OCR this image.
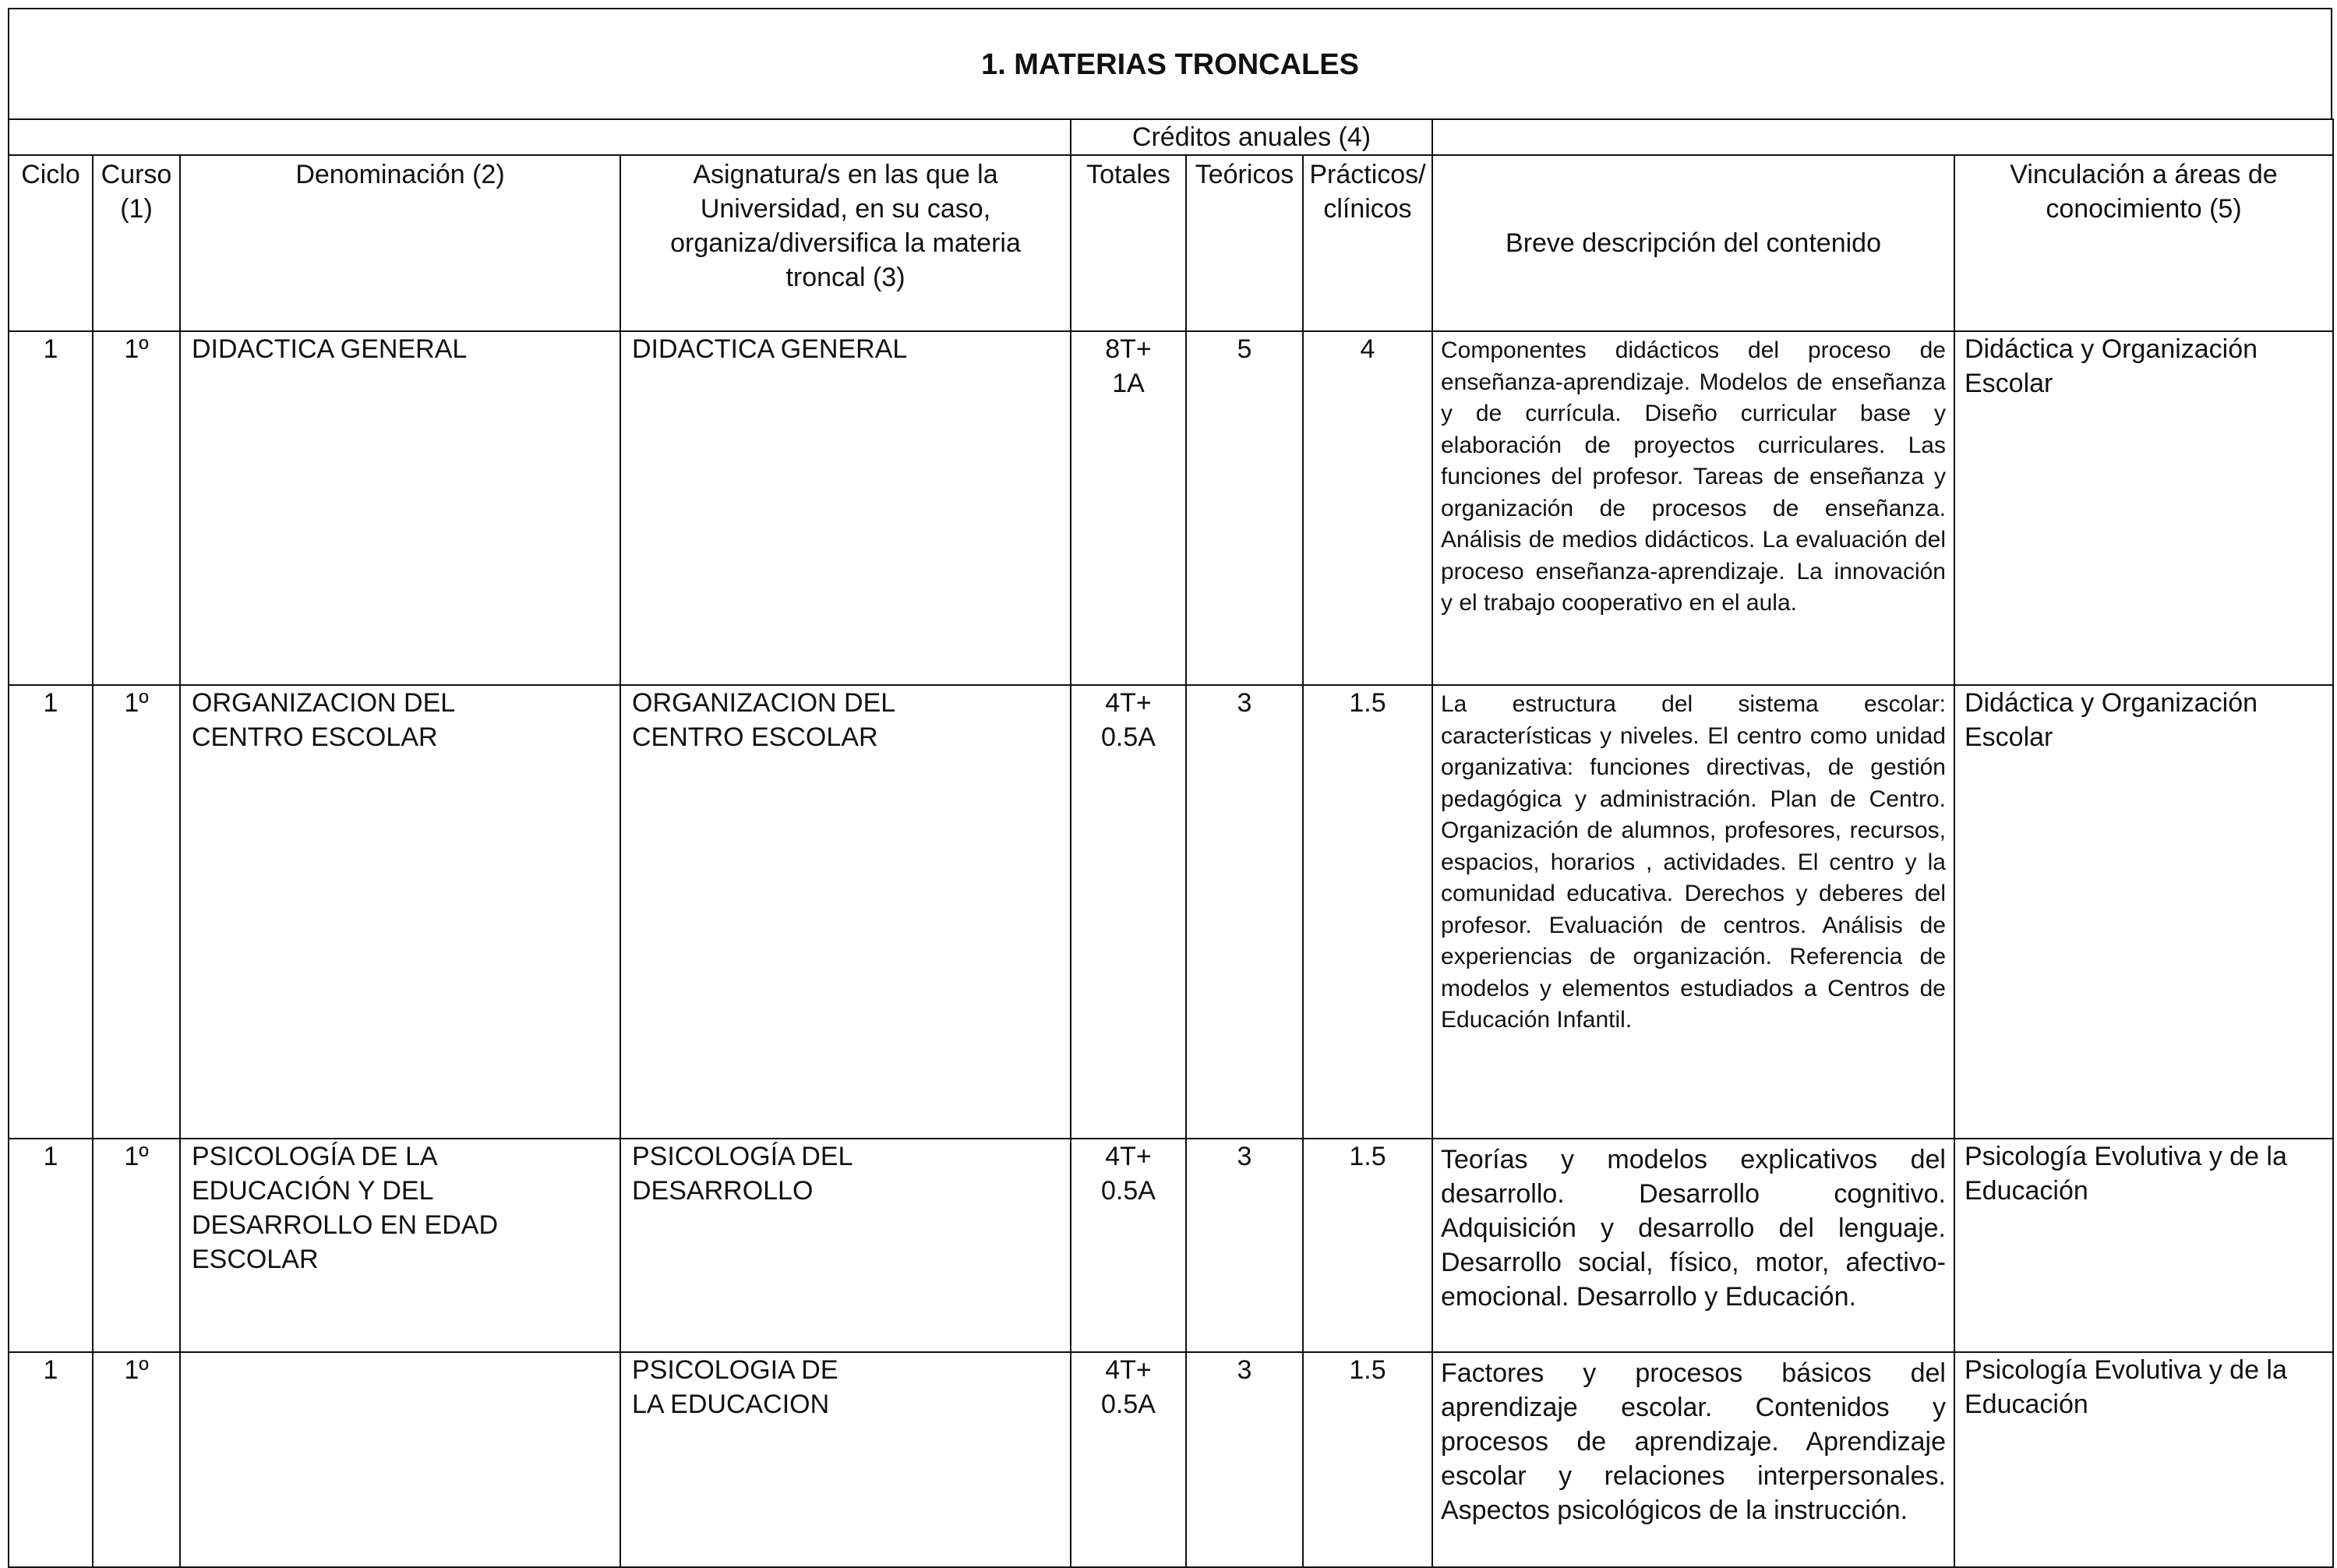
1. MATERIAS TRONCALES
				Créditos anuales (4)				
Ciclo	Curso (1)	Denominación (2)	Asignatura/s en las que la Universidad, en su caso, organiza/diversifica la materia troncal (3)	Totales	Teóricos	Prácticos/ clínicos	Breve descripción del contenido	Vinculación a áreas de conocimiento (5)
1	1º	DIDACTICA GENERAL	DIDACTICA GENERAL	8T+ 1A	5	4	Componentes didácticos del proceso de enseñanza-aprendizaje. Modelos de enseñanza y de currícula. Diseño curricular base y elaboración de proyectos curriculares. Las funciones del profesor. Tareas de enseñanza y organización de procesos de enseñanza. Análisis de medios didácticos. La evaluación del proceso enseñanza-aprendizaje. La innovación y el trabajo cooperativo en el aula.	Didáctica y Organización Escolar
1	1º	ORGANIZACION DEL CENTRO ESCOLAR	ORGANIZACION DEL CENTRO ESCOLAR	4T+ 0.5A	3	1.5	La estructura del sistema escolar: características y niveles. El centro como unidad organizativa: funciones directivas, de gestión pedagógica y administración. Plan de Centro. Organización de alumnos, profesores, recursos, espacios, horarios , actividades. El centro y la comunidad educativa. Derechos y deberes del profesor. Evaluación de centros. Análisis de experiencias de organización. Referencia de modelos y elementos estudiados a Centros de Educación Infantil.	Didáctica y Organización Escolar
1	1º	PSICOLOGÍA DE LA EDUCACIÓN Y DEL DESARROLLO EN EDAD ESCOLAR	PSICOLOGÍA DEL DESARROLLO	4T+ 0.5A	3	1.5	Teorías y modelos explicativos del desarrollo. Desarrollo cognitivo. Adquisición y desarrollo del lenguaje. Desarrollo social, físico, motor, afectivo-emocional. Desarrollo y Educación.	Psicología Evolutiva y de la Educación
1	1º		PSICOLOGIA DE LA EDUCACION	4T+ 0.5A	3	1.5	Factores y procesos básicos del aprendizaje escolar. Contenidos y procesos de aprendizaje. Aprendizaje escolar y relaciones interpersonales. Aspectos psicológicos de la instrucción.	Psicología Evolutiva y de la Educación
